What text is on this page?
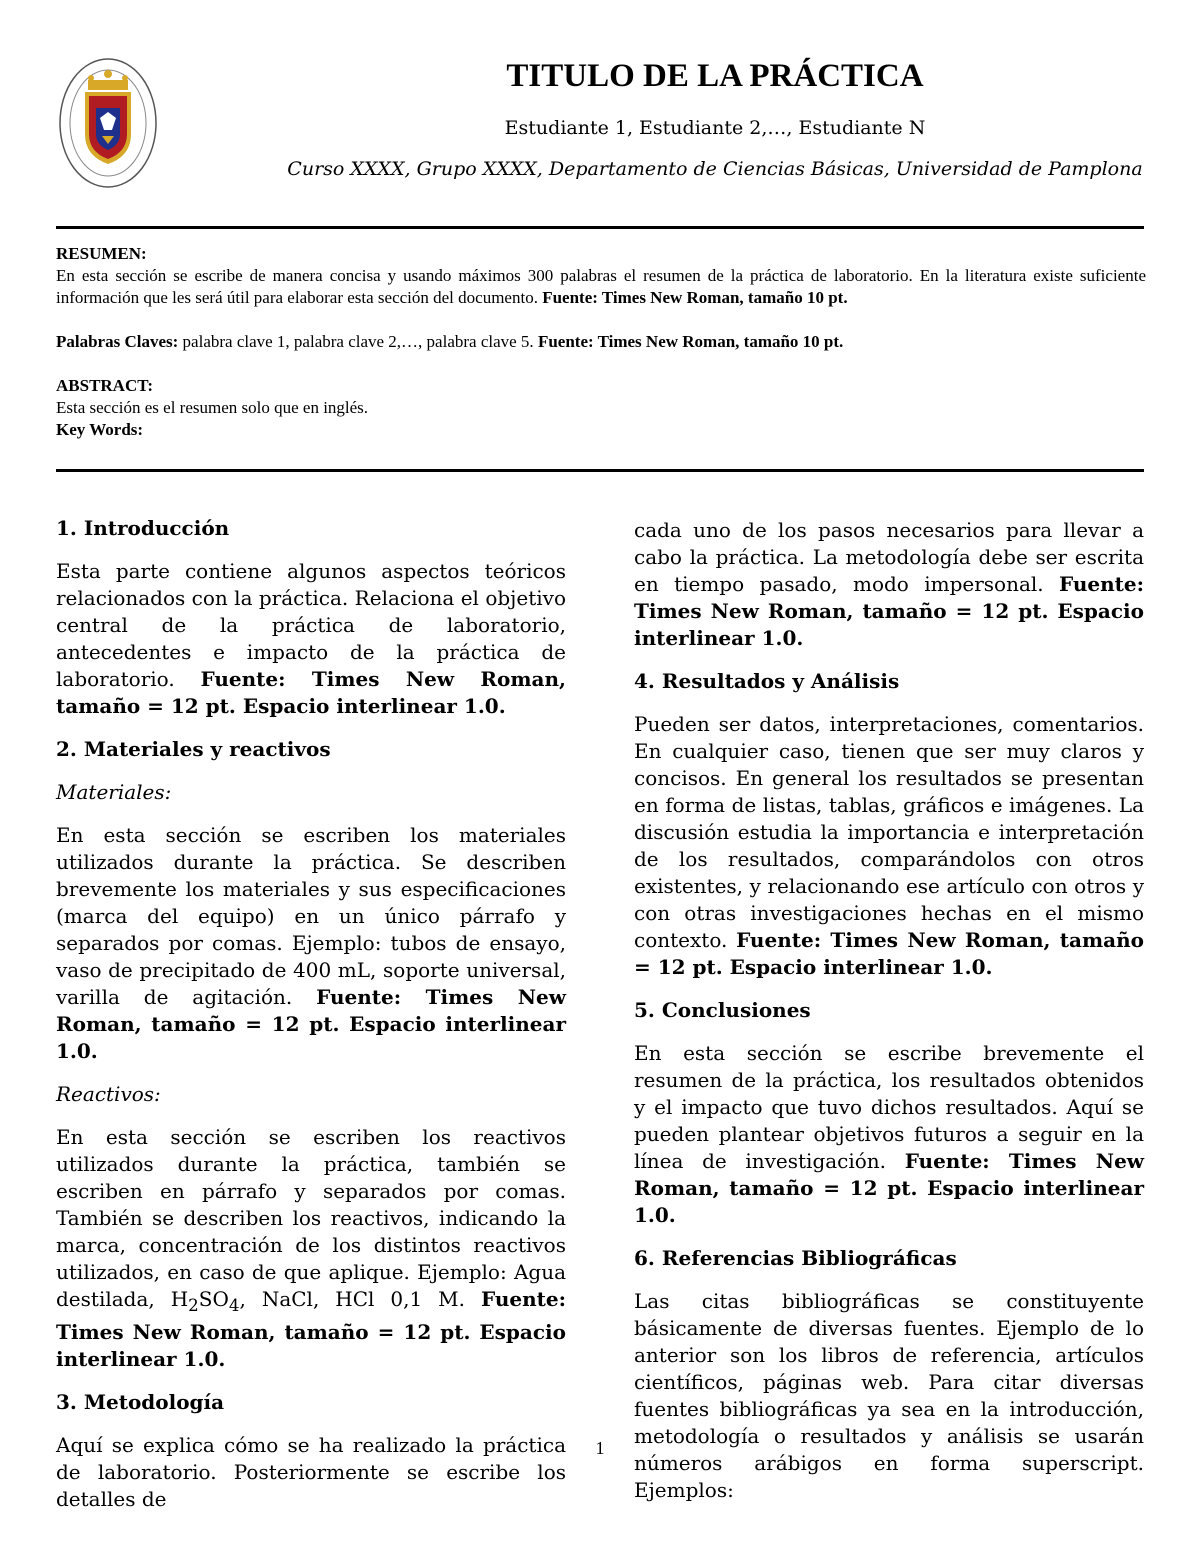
TITULO DE LA PRÁCTICA
Estudiante 1, Estudiante 2,…, Estudiante N
Curso XXXX, Grupo XXXX, Departamento de Ciencias Básicas, Universidad de Pamplona

RESUMEN:

En esta sección se escribe de manera concisa y usando máximos 300 palabras el resumen de la práctica de laboratorio. En la literatura existe suficiente información que les será útil para elaborar esta sección del documento. Fuente: Times New Roman, tamaño 10 pt.

Palabras Claves: palabra clave 1, palabra clave 2,…, palabra clave 5. Fuente: Times New Roman, tamaño 10 pt.

ABSTRACT:

Esta sección es el resumen solo que en inglés.

Key Words:

1. Introducción

Esta parte contiene algunos aspectos teóricos relacionados con la práctica. Relaciona el objetivo central de la práctica de laboratorio, antecedentes e impacto de la práctica de laboratorio. Fuente: Times New Roman, tamaño = 12 pt. Espacio interlinear 1.0.

2. Materiales y reactivos

Materiales:

En esta sección se escriben los materiales utilizados durante la práctica. Se describen brevemente los materiales y sus especificaciones (marca del equipo) en un único párrafo y separados por comas. Ejemplo: tubos de ensayo, vaso de precipitado de 400 mL, soporte universal, varilla de agitación. Fuente: Times New Roman, tamaño = 12 pt. Espacio interlinear 1.0.

Reactivos:

En esta sección se escriben los reactivos utilizados durante la práctica, también se escriben en párrafo y separados por comas. También se describen los reactivos, indicando la marca, concentración de los distintos reactivos utilizados, en caso de que aplique. Ejemplo: Agua destilada, $H_2SO_4$, NaCl, HCl 0,1 M. Fuente: Times New Roman, tamaño = 12 pt. Espacio interlinear 1.0.

3. Metodología

Aquí se explica cómo se ha realizado la práctica de laboratorio. Posteriormente se escribe los detalles de

cada uno de los pasos necesarios para llevar a cabo la práctica. La metodología debe ser escrita en tiempo pasado, modo impersonal. Fuente: Times New Roman, tamaño = 12 pt. Espacio interlinear 1.0.

4. Resultados y Análisis

Pueden ser datos, interpretaciones, comentarios. En cualquier caso, tienen que ser muy claros y concisos. En general los resultados se presentan en forma de listas, tablas, gráficos e imágenes. La discusión estudia la importancia e interpretación de los resultados, comparándolos con otros existentes, y relacionando ese artículo con otros y con otras investigaciones hechas en el mismo contexto. Fuente: Times New Roman, tamaño = 12 pt. Espacio interlinear 1.0.

5. Conclusiones

En esta sección se escribe brevemente el resumen de la práctica, los resultados obtenidos y el impacto que tuvo dichos resultados. Aquí se pueden plantear objetivos futuros a seguir en la línea de investigación. Fuente: Times New Roman, tamaño = 12 pt. Espacio interlinear 1.0.

6. Referencias Bibliográficas

Las citas bibliográficas se constituyente básicamente de diversas fuentes. Ejemplo de lo anterior son los libros de referencia, artículos científicos, páginas web. Para citar diversas fuentes bibliográficas ya sea en la introducción, metodología o resultados y análisis se usarán números arábigos en forma superscript. Ejemplos:

1
